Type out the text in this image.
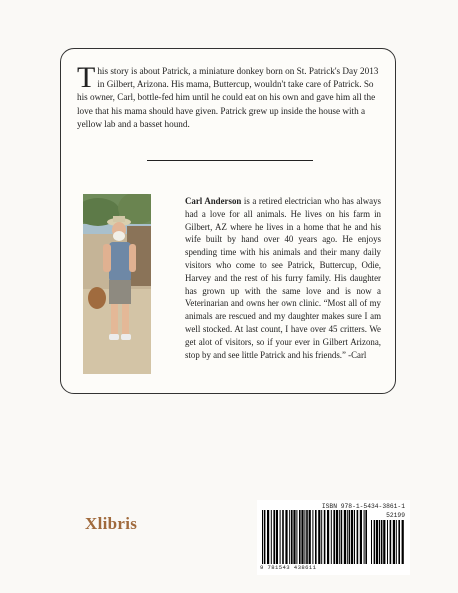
This story is about Patrick, a miniature donkey born on St. Patrick's Day 2013 in Gilbert, Arizona. His mama, Buttercup, wouldn't take care of Patrick. So his owner, Carl, bottle-fed him until he could eat on his own and gave him all the love that his mama should have given. Patrick grew up inside the house with a yellow lab and a basset hound.
Carl Anderson is a retired electrician who has always had a love for all animals. He lives on his farm in Gilbert, AZ where he lives in a home that he and his wife built by hand over 40 years ago. He enjoys spending time with his animals and their many daily visitors who come to see Patrick, Buttercup, Odie, Harvey and the rest of his furry family. His daughter has grown up with the same love and is now a Veterinarian and owns her own clinic. “Most all of my animals are rescued and my daughter makes sure I am well stocked. At last count, I have over 45 critters. We get alot of visitors, so if your ever in Gilbert Arizona, stop by and see little Patrick and his friends.” -Carl
Xlibris
ISBN 978-1-5434-3861-1
52199
9 781543 438611
